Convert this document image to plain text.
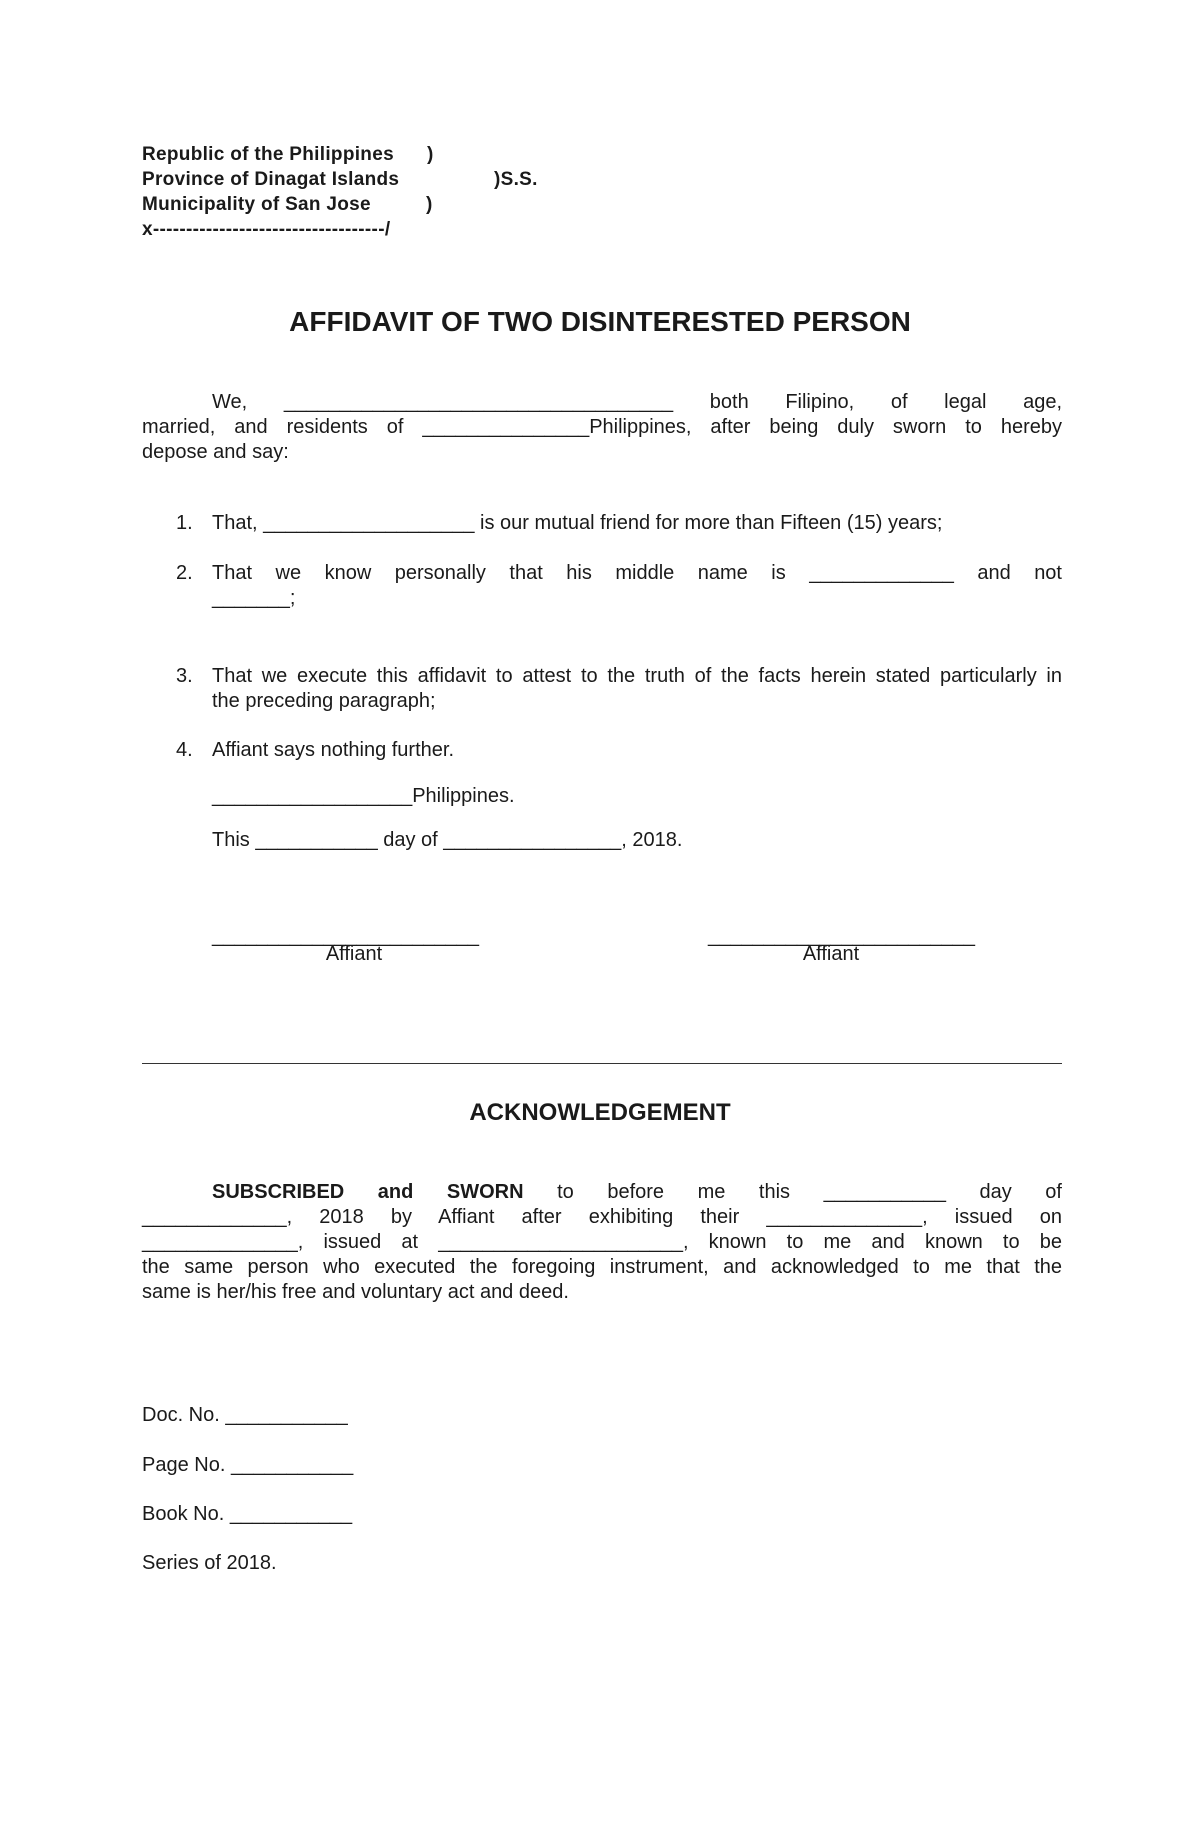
Republic of the Philippines )
Province of Dinagat Islands	)S.S.
Municipality of San Jose	)
x-----------------------------------/
AFFIDAVIT OF TWO DISINTERESTED PERSON
We, ___________________________________ both Filipino, of legal age,
married, and residents of _______________Philippines, after being duly sworn to hereby
depose and say:
1. That, ___________________ is our mutual friend for more than Fifteen (15) years;
2. That we know personally that his middle name is _____________ and not
_______;
3. That we execute this affidavit to attest to the truth of the facts herein stated particularly in
the preceding paragraph;
4. Affiant says nothing further.
__________________Philippines.
This ___________ day of ________________, 2018.
________________________
Affiant
________________________
Affiant
ACKNOWLEDGEMENT
SUBSCRIBED and SWORN to before me this ___________ day of
_____________, 2018 by Affiant after exhibiting their ______________, issued on
______________, issued at ______________________, known to me and known to be
the same person who executed the foregoing instrument, and acknowledged to me that the
same is her/his free and voluntary act and deed.
Doc. No. ___________
Page No. ___________
Book No. ___________
Series of 2018.
